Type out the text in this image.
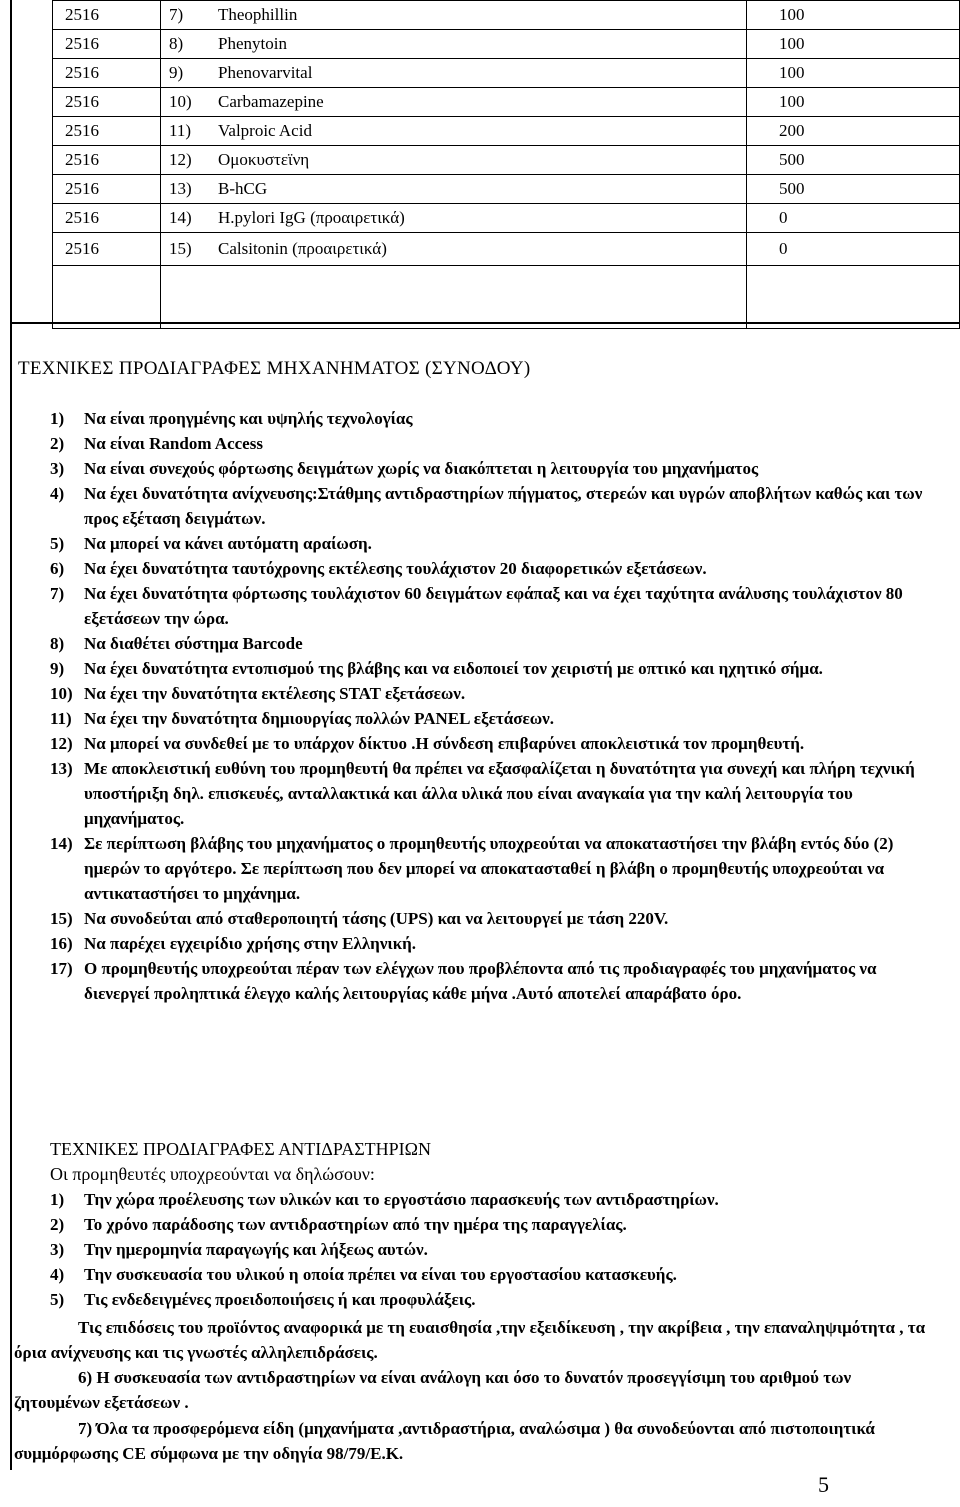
2516	7) Theophillin	100
2516	8) Phenytoin	100
2516	9) Phenovarvital	100
2516	10) Carbamazepine	100
2516	11) Valproic Acid	200
2516	12) Ομοκυστεϊνη	500
2516	13) B-hCG	500
2516	14) H.pylori IgG (προαιρετικά)	0
2516	15) Calsitonin (προαιρετικά)	0

ΤΕΧΝΙΚΕΣ ΠΡΟΔΙΑΓΡΑΦΕΣ ΜΗΧΑΝΗΜΑΤΟΣ (ΣΥΝΟΔΟΥ)
1)	Να είναι προηγμένης και υψηλής τεχνολογίας
2)	Να είναι Random Access
3)	Να είναι συνεχούς φόρτωσης δειγμάτων χωρίς να διακόπτεται η λειτουργία του μηχανήματος
4)	Να έχει δυνατότητα ανίχνευσης:Στάθμης αντιδραστηρίων πήγματος, στερεών και υγρών αποβλήτων καθώς και των προς εξέταση δειγμάτων.
5)	Να μπορεί να κάνει αυτόματη αραίωση.
6)	Να έχει δυνατότητα ταυτόχρονης εκτέλεσης τουλάχιστον 20 διαφορετικών εξετάσεων.
7)	Να έχει δυνατότητα φόρτωσης τουλάχιστον 60 δειγμάτων εφάπαξ και να έχει ταχύτητα ανάλυσης τουλάχιστον 80 εξετάσεων την ώρα.
8)	Να διαθέτει σύστημα Barcode
9)	Να έχει δυνατότητα εντοπισμού της βλάβης και να ειδοποιεί τον χειριστή με οπτικό και ηχητικό σήμα.
10) Να έχει την δυνατότητα εκτέλεσης STAT εξετάσεων.
11) Να έχει την δυνατότητα δημιουργίας πολλών PANEL εξετάσεων.
12) Να μπορεί να συνδεθεί με το υπάρχον δίκτυο .Η σύνδεση επιβαρύνει αποκλειστικά τον προμηθευτή.
13) Με αποκλειστική ευθύνη του προμηθευτή θα πρέπει να εξασφαλίζεται η δυνατότητα για συνεχή και πλήρη τεχνική υποστήριξη δηλ. επισκευές, ανταλλακτικά και άλλα υλικά που είναι αναγκαία για την καλή λειτουργία του μηχανήματος.
14) Σε περίπτωση βλάβης του μηχανήματος ο προμηθευτής υποχρεούται να αποκαταστήσει την βλάβη εντός δύο (2) ημερών το αργότερο. Σε περίπτωση που δεν μπορεί να αποκατασταθεί η βλάβη ο προμηθευτής υποχρεούται να αντικαταστήσει το μηχάνημα.
15) Να συνοδεύται από σταθεροποιητή τάσης (UPS) και να λειτουργεί με τάση 220V.
16) Να παρέχει εγχειρίδιο χρήσης στην Ελληνική.
17) Ο προμηθευτής υποχρεούται πέραν των ελέγχων που προβλέποντα από τις προδιαγραφές του μηχανήματος να διενεργεί προληπτικά έλεγχο καλής λειτουργίας κάθε μήνα .Αυτό αποτελεί απαράβατο όρο.
ΤΕΧΝΙΚΕΣ ΠΡΟΔΙΑΓΡΑΦΕΣ ΑΝΤΙΔΡΑΣΤΗΡΙΩΝ
Οι προμηθευτές υποχρεούνται να δηλώσουν:
1)	Την χώρα προέλευσης των υλικών και το εργοστάσιο παρασκευής των αντιδραστηρίων.
2)	Το χρόνο παράδοσης των αντιδραστηρίων από την ημέρα της παραγγελίας.
3)	Την ημερομηνία παραγωγής και λήξεως αυτών.
4)	Την συσκευασία του υλικού η οποία πρέπει να είναι του εργοστασίου κατασκευής.
5)	Τις ενδεδειγμένες προειδοποιήσεις ή και προφυλάξεις.
Τις επιδόσεις του προϊόντος αναφορικά με τη ευαισθησία ,την εξειδίκευση , την ακρίβεια , την επαναληψιμότητα , τα όρια ανίχνευσης και τις γνωστές αλληλεπιδράσεις.
6) Η συσκευασία των αντιδραστηρίων να είναι ανάλογη και όσο το δυνατόν προσεγγίσιμη του αριθμού των ζητουμένων εξετάσεων .
7) Όλα τα προσφερόμενα είδη (μηχανήματα ,αντιδραστήρια, αναλώσιμα ) θα συνοδεύονται από πιστοποιητικά συμμόρφωσης CE σύμφωνα με την οδηγία 98/79/Ε.Κ.
5
